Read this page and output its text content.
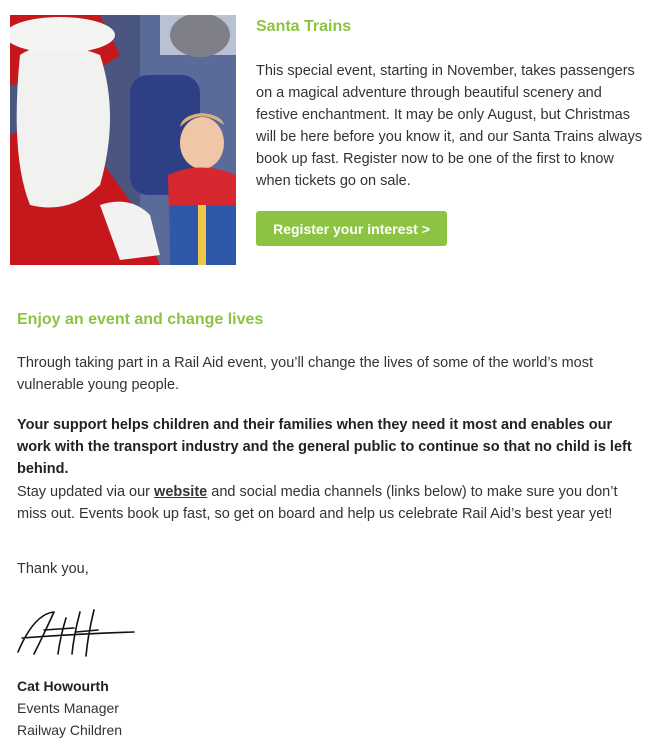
Santa Trains

This special event, starting in November, takes passengers on a magical adventure through beautiful scenery and festive enchantment. It may be only August, but Christmas will be here before you know it, and our Santa Trains always book up fast. Register now to be one of the first to know when tickets go on sale.

Register your interest >
Enjoy an event and change lives

Through taking part in a Rail Aid event, you’ll change the lives of some of the world’s most vulnerable young people.

Your support helps children and their families when they need it most and enables our work with the transport industry and the general public to continue so that no child is left behind.

Stay updated via our website and social media channels (links below) to make sure you don’t miss out. Events book up fast, so get on board and help us celebrate Rail Aid’s best year yet!

Thank you,

Cat Howourth

Events Manager

Railway Children
